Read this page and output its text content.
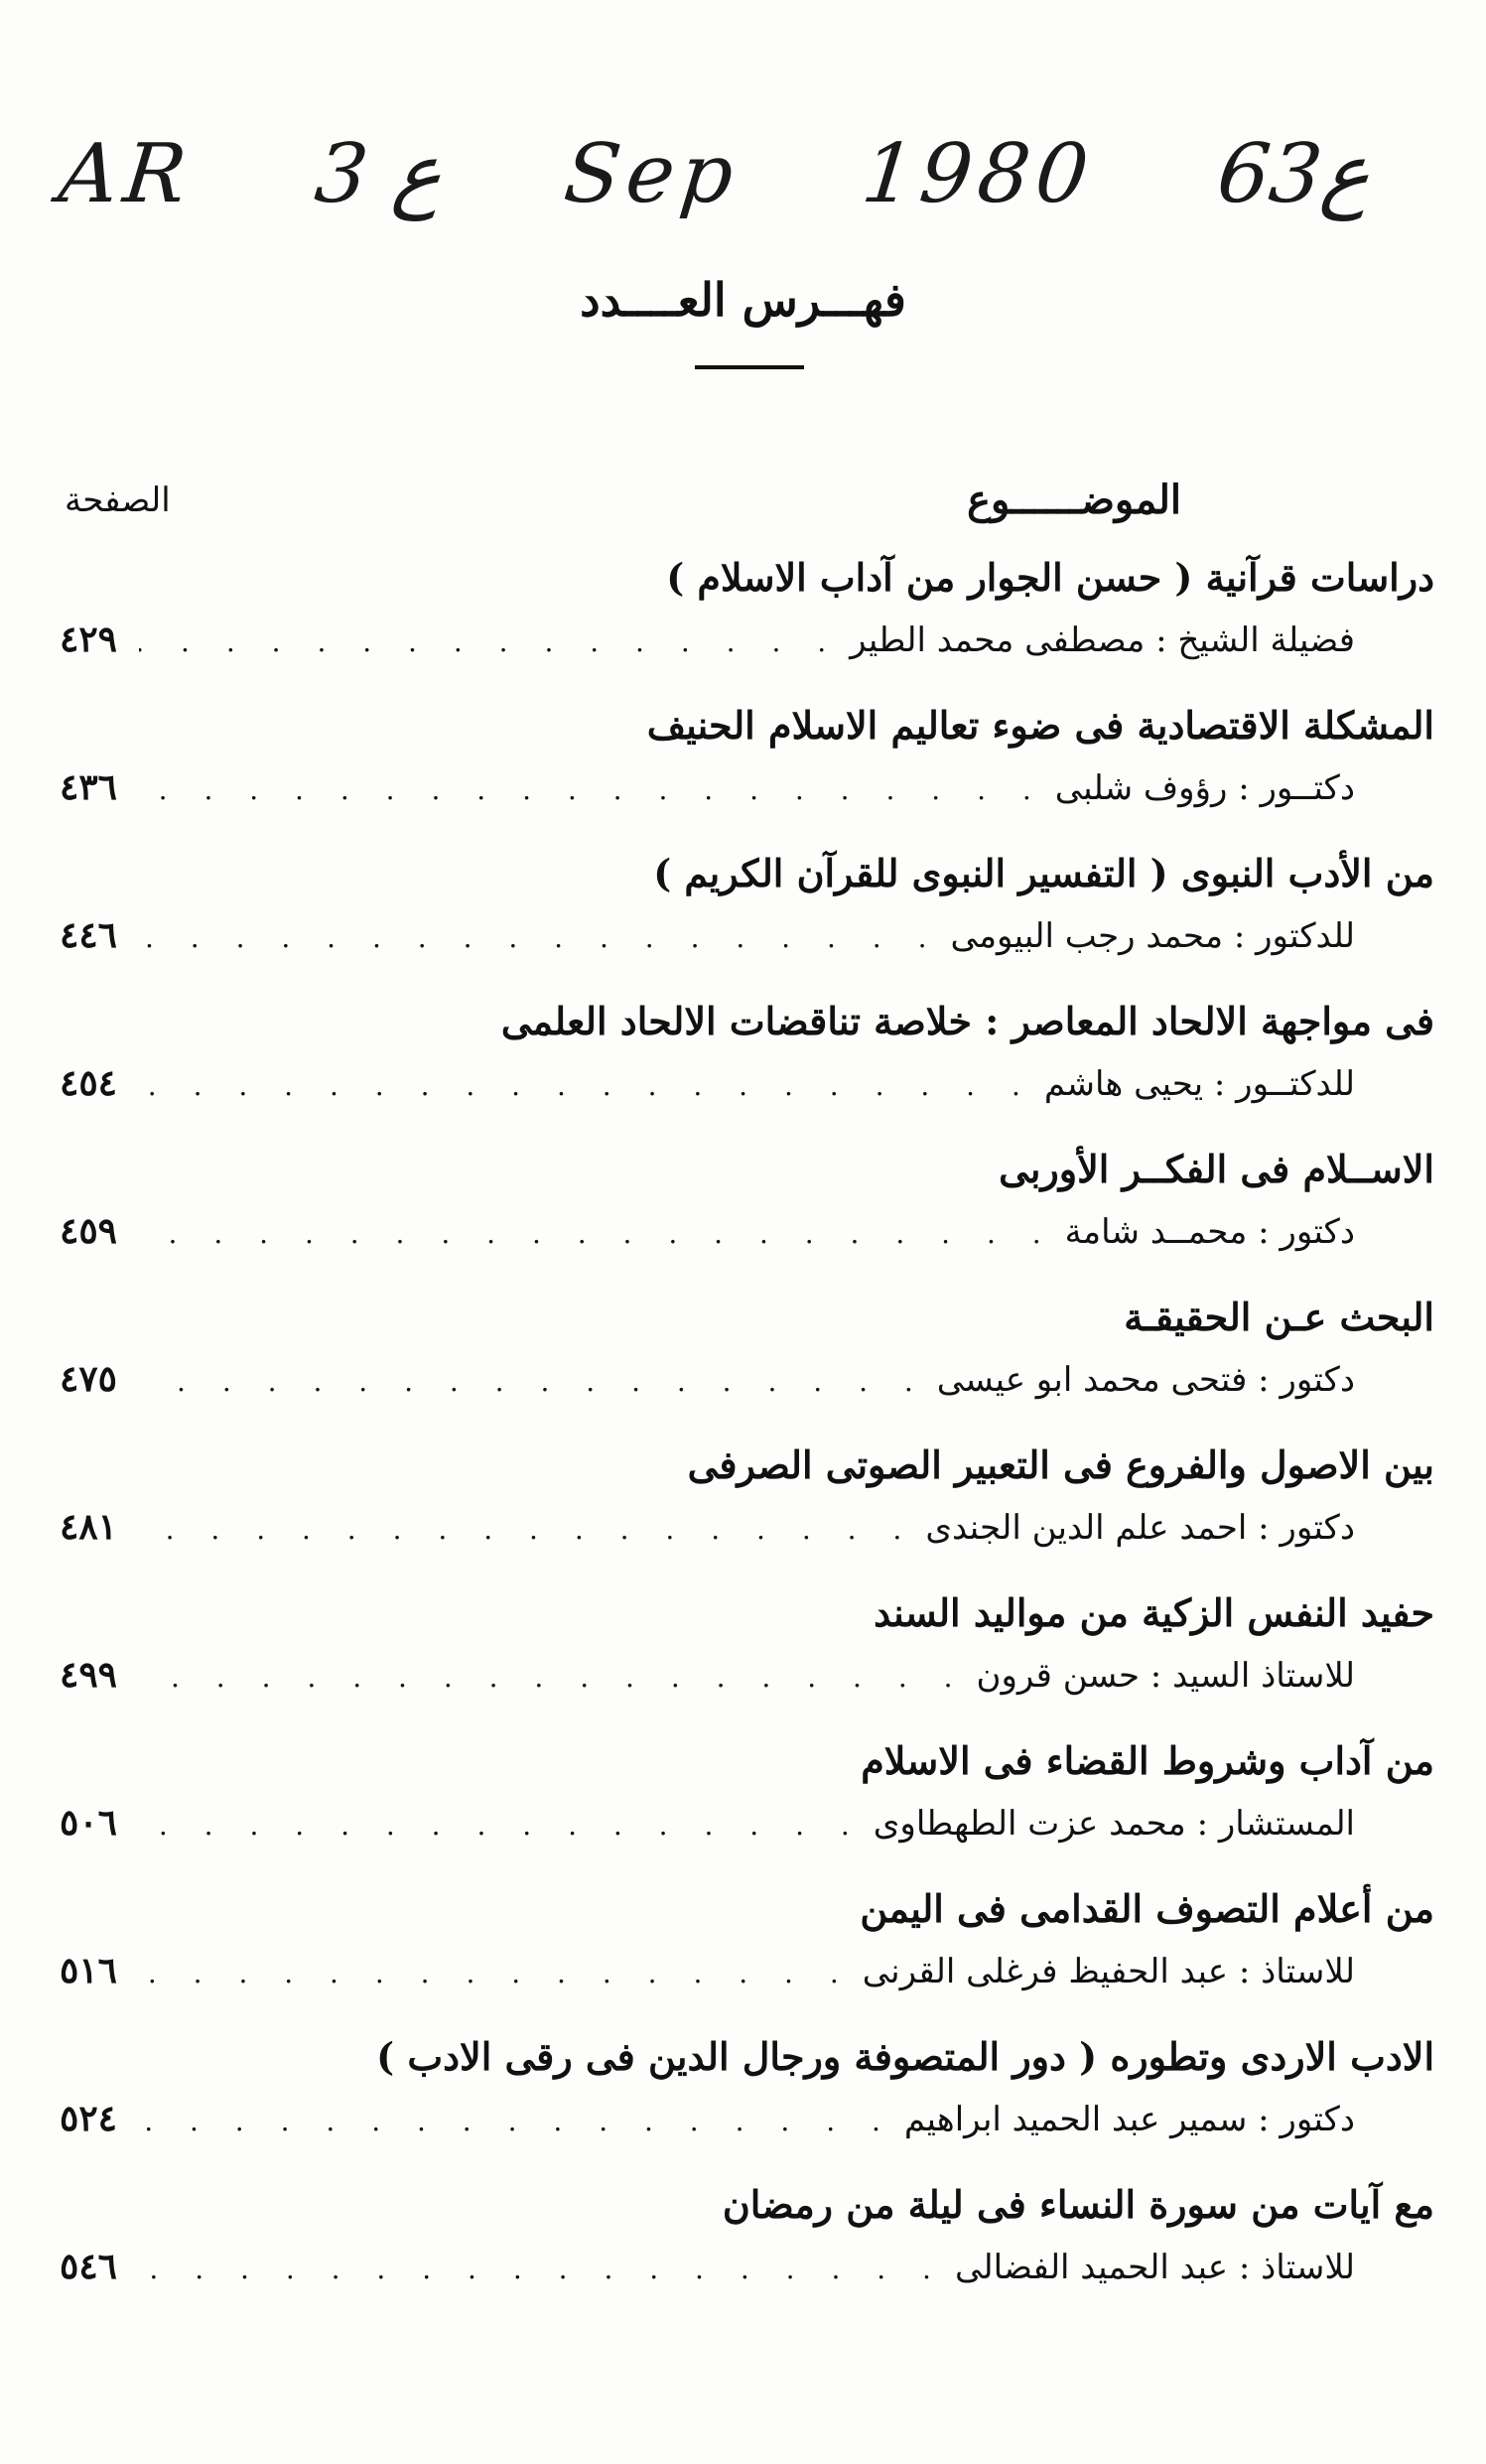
AR 3 ع Sep 1980 63ع
فهـــرس العــــدد
الموضــــــوع
الصفحة
دراسات قرآنية ( حسن الجوار من آداب الاسلام )
فضيلة الشيخ : مصطفى محمد الطير
. . .
٤٢٩
المشكلة الاقتصادية فى ضوء تعاليم الاسلام الحنيف
دكتــور : رؤوف شلبى
. . .
٤٣٦
من الأدب النبوى ( التفسير النبوى للقرآن الكريم )
للدكتور : محمد رجب البيومى
. . .
٤٤٦
فى مواجهة الالحاد المعاصر : خلاصة تناقضات الالحاد العلمى
للدكتــور : يحيى هاشم
. . .
٤٥٤
الاســلام فى الفكــر الأوربى
دكتور : محمــد شامة
. . .
٤٥٩
البحث عـن الحقيقـة
دكتور : فتحى محمد ابو عيسى
. . .
٤٧٥
بين الاصول والفروع فى التعبير الصوتى الصرفى
دكتور : احمد علم الدين الجندى
. . .
٤٨١
حفيد النفس الزكية من مواليد السند
للاستاذ السيد : حسن قرون
. . .
٤٩٩
من آداب وشروط القضاء فى الاسلام
المستشار : محمد عزت الطهطاوى
. . .
٥٠٦
من أعلام التصوف القدامى فى اليمن
للاستاذ : عبد الحفيظ فرغلى القرنى
. . .
٥١٦
الادب الاردى وتطوره ( دور المتصوفة ورجال الدين فى رقى الادب )
دكتور : سمير عبد الحميد ابراهيم
. . .
٥٢٤
مع آيات من سورة النساء فى ليلة من رمضان
للاستاذ : عبد الحميد الفضالى
. . .
٥٤٦
